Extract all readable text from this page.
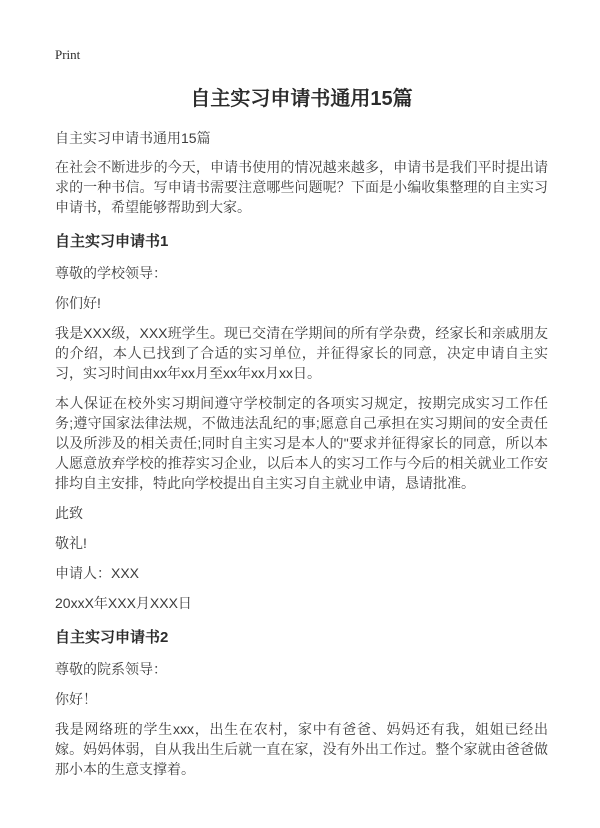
Print
自主实习申请书通用15篇
自主实习申请书通用15篇

在社会不断进步的今天，申请书使用的情况越来越多，申请书是我们平时提出请求的一种书信。写申请书需要注意哪些问题呢？下面是小编收集整理的自主实习申请书，希望能够帮助到大家。

自主实习申请书1

尊敬的学校领导：

你们好!

我是XXX级，XXX班学生。现已交清在学期间的所有学杂费，经家长和亲戚朋友的介绍，本人已找到了合适的实习单位，并征得家长的同意，决定申请自主实习，实习时间由xx年xx月至xx年xx月xx日。

本人保证在校外实习期间遵守学校制定的各项实习规定，按期完成实习工作任务;遵守国家法律法规，不做违法乱纪的事;愿意自己承担在实习期间的安全责任以及所涉及的相关责任;同时自主实习是本人的"要求并征得家长的同意，所以本人愿意放弃学校的推荐实习企业，以后本人的实习工作与今后的相关就业工作安排均自主安排，特此向学校提出自主实习自主就业申请，恳请批准。

此致

敬礼!

申请人：XXX

20xxX年XXX月XXX日

自主实习申请书2

尊敬的院系领导：

你好！

我是网络班的学生xxx，出生在农村，家中有爸爸、妈妈还有我，姐姐已经出嫁。妈妈体弱，自从我出生后就一直在家，没有外出工作过。整个家就由爸爸做那小本的生意支撑着。
